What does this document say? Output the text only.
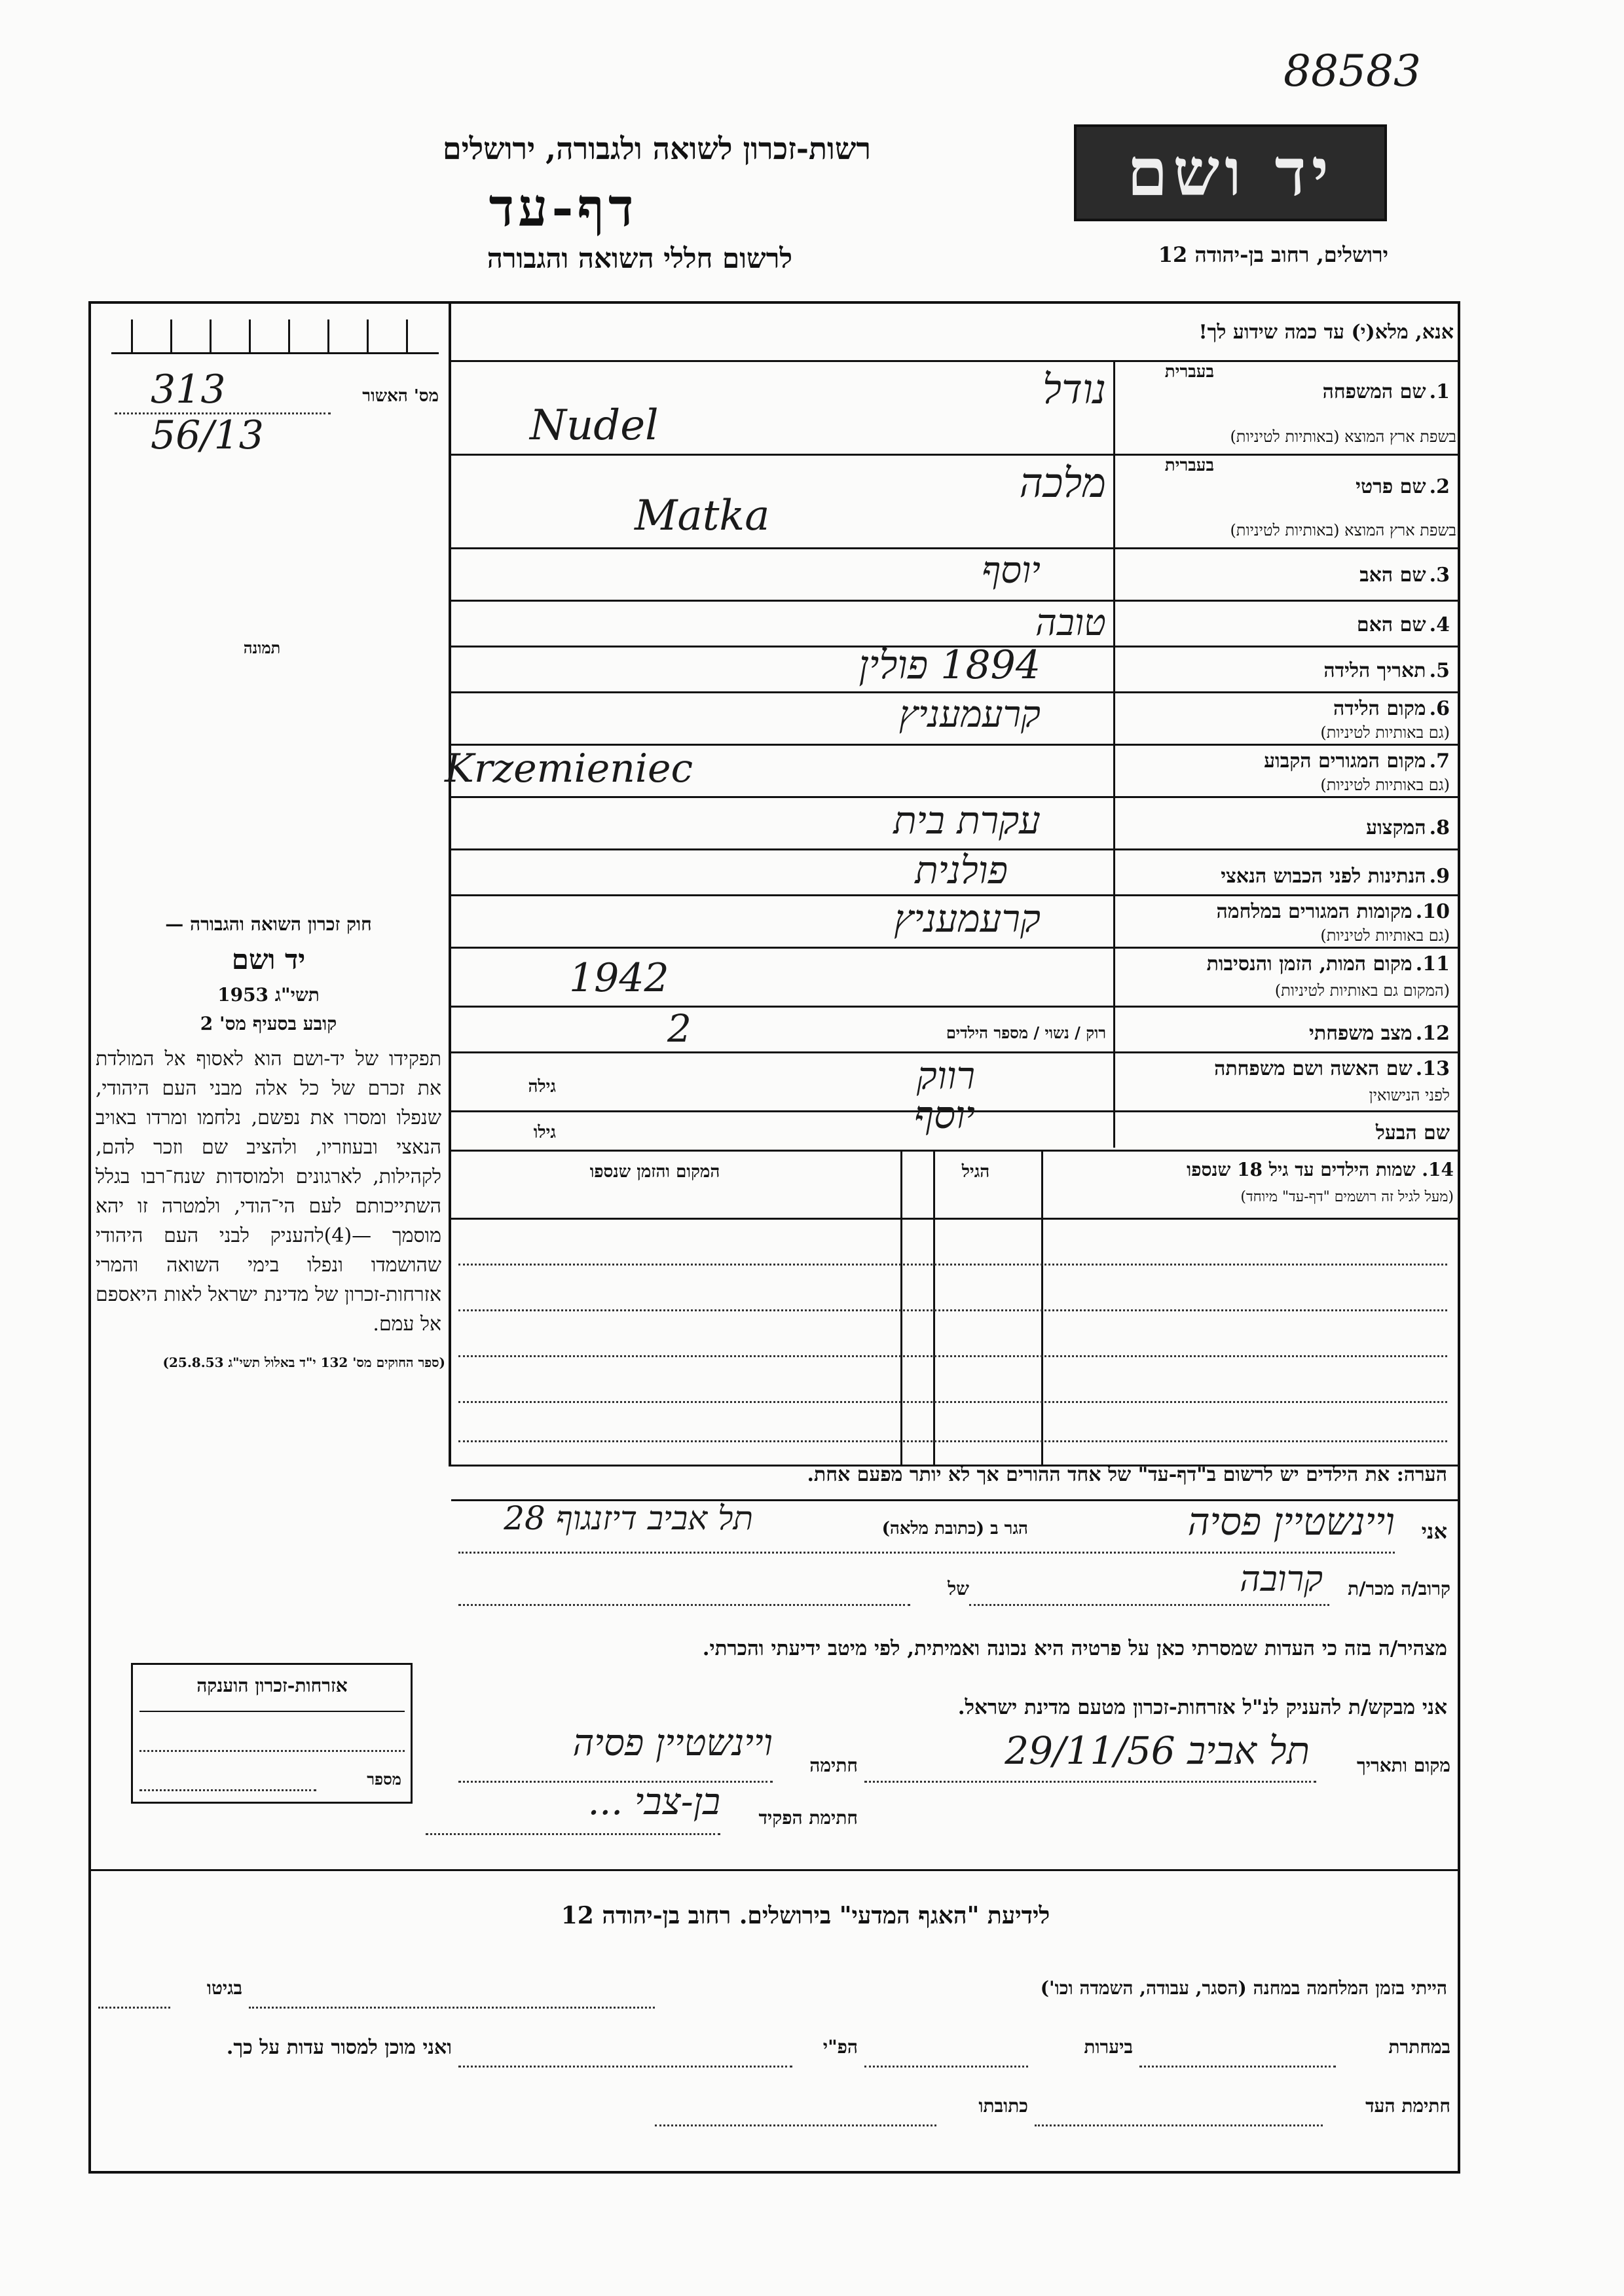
88583
יד ושם
רשות-זכרון לשואה ולגבורה, ירושלים
דף-עד
לרשום חללי השואה והגבורה	ירושלים, רחוב בן-יהודה 12
מס' האשור
313 56/13
תמונה
חוק זכרון השואה והגבורה —
יד ושם
תשי"ג 1953
קובע בסעיף מס' 2
תפקידו של יד-ושם הוא לאסוף אל המולדת את זכרם של כל אלה מבני העם היהודי, שנפלו ומסרו את נפשם, נלחמו ומרדו באויב הנאצי ובעוזריו, ולהציב שם וזכר להם, לקהילות, לארגונים ולמוסדות שנח־רבו בגלל השתייכותם לעם הי־הודי, ולמטרה זו יהא מוסמך —(4)להעניק לבני העם היהודי שהושמדו ונפלו בימי השואה והמרי אזרחות-זכרון של מדינת ישראל לאות היאספם אל עמם.
(ספר החוקים מס' 132 י"ד באלול תשי"ג 25.8.53)
אנא, מלא(י) עד כמה שידוע לך!
1. שם המשפחה
בעברית
בשפת ארץ המוצא (באותיות לטיניות)
נודל
Nudel
2. שם פרטי
בעברית
בשפת ארץ המוצא (באותיות לטיניות)
מלכה
Matka
3. שם האב
יוסף
4. שם האם
טובה
5. תאריך הלידה
1894 פולין
6. מקום הלידה
(גם באותיות לטיניות)
קרעמעניץ
7. מקום המגורים הקבוע
(גם באותיות לטיניות)
Krzemieniec
8. המקצוע
עקרת בית
9. הנתינות לפני הכבוש הנאצי
פולנית
10. מקומות המגורים במלחמה
(גם באותיות לטיניות)
קרעמעניץ
11. מקום המות, הזמן והנסיבות
(המקום גם באותיות לטיניות)
1942
12. מצב משפחתי
רוק / נשוי / מספר הילדים
2
13. שם האשה ושם משפחתה
לפני הנישואין
גילה	רווק
שם הבעל
גילו	יוסף
14. שמות הילדים עד גיל 18 שנספו
(מעל לגיל זה רושמים "דף-עד" מיוחד)
הגיל
המקום והזמן שנספו
הערה: את הילדים יש לרשום ב"דף-עד" של אחד ההורים אך לא יותר מפעם אחת.
אני
ויינשטיין פסיה
הגר ב (כתובת מלאה)
תל אביב דיזנגוף 28
קרוב/ה מכר/ת
קרובה
של
מצהיר/ה בזה כי העדות שמסרתי כאן על פרטיה היא נכונה ואמיתית, לפי מיטב ידיעתי והכרתי.
אני מבקש/ת להעניק לנ"ל אזרחות-זכרון מטעם מדינת ישראל.
מקום ותאריך
תל אביב 29/11/56
חתימה
ויינשטיין פסיה
חתימת הפקיד
בן-צבי ...
אזרחות-זכרון הוענקה
מספר
לידיעת "האגף המדעי" בירושלים. רחוב בן-יהודה 12
הייתי בזמן המלחמה במחנה (הסגר, עבודה, השמדה וכו')
בגיטו
במחתרת
ביערות
הפ"י
ואני מוכן למסור עדות על כך.
חתימת העד
כתובתו
